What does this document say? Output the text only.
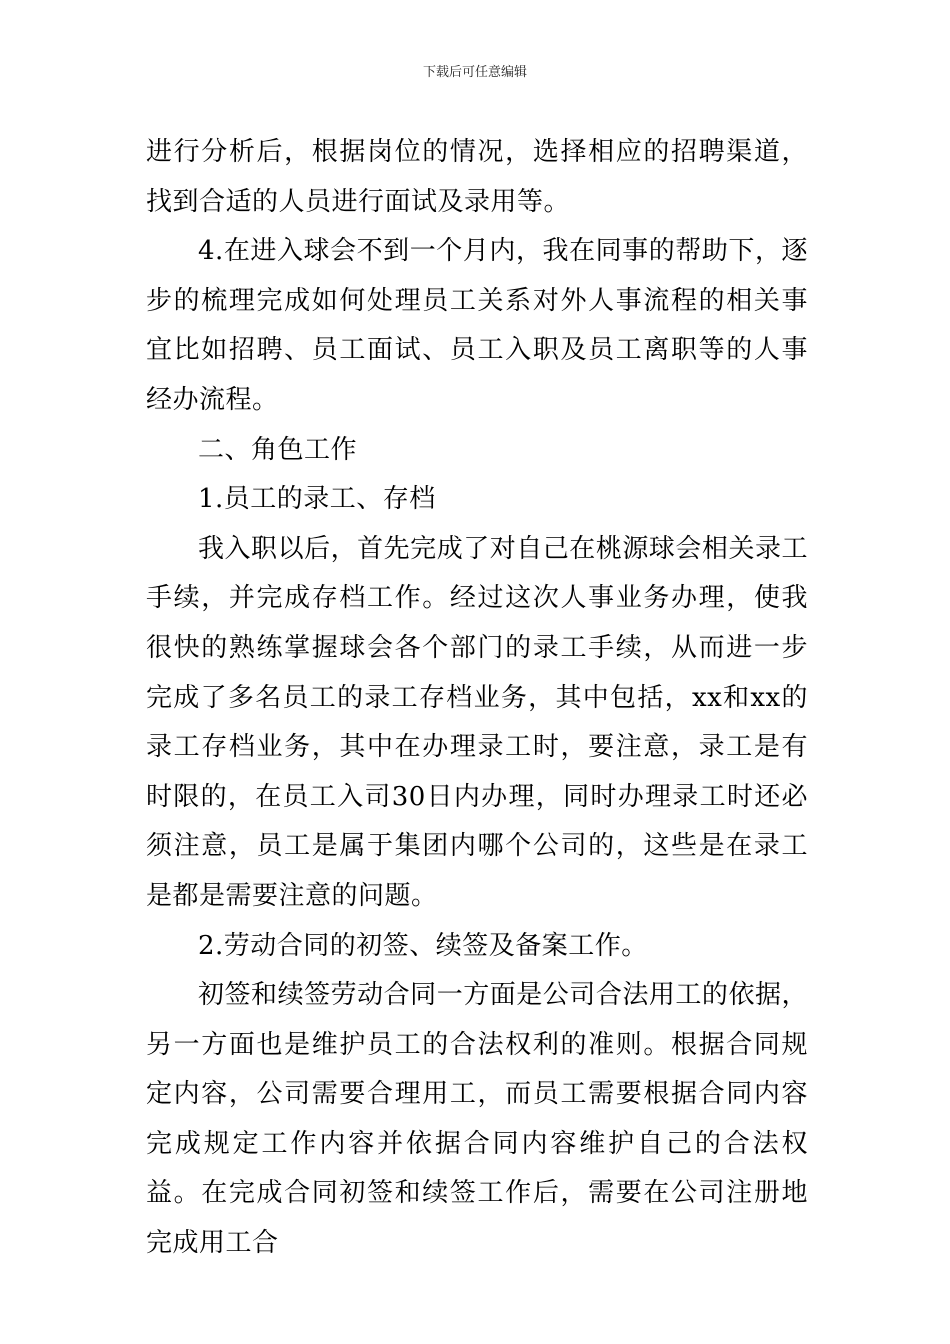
下载后可任意编辑

进行分析后，根据岗位的情况，选择相应的招聘渠道，找到合适的人员进行面试及录用等。

4.在进入球会不到一个月内，我在同事的帮助下，逐步的梳理完成如何处理员工关系对外人事流程的相关事宜比如招聘、员工面试、员工入职及员工离职等的人事经办流程。

二、角色工作

1.员工的录工、存档

我入职以后，首先完成了对自己在桃源球会相关录工手续，并完成存档工作。经过这次人事业务办理，使我很快的熟练掌握球会各个部门的录工手续，从而进一步完成了多名员工的录工存档业务，其中包括，xx和xx的录工存档业务，其中在办理录工时，要注意，录工是有时限的，在员工入司30日内办理，同时办理录工时还必须注意，员工是属于集团内哪个公司的，这些是在录工是都是需要注意的问题。

2.劳动合同的初签、续签及备案工作。

初签和续签劳动合同一方面是公司合法用工的依据，另一方面也是维护员工的合法权利的准则。根据合同规定内容，公司需要合理用工，而员工需要根据合同内容完成规定工作内容并依据合同内容维护自己的合法权益。在完成合同初签和续签工作后，需要在公司注册地完成用工合
